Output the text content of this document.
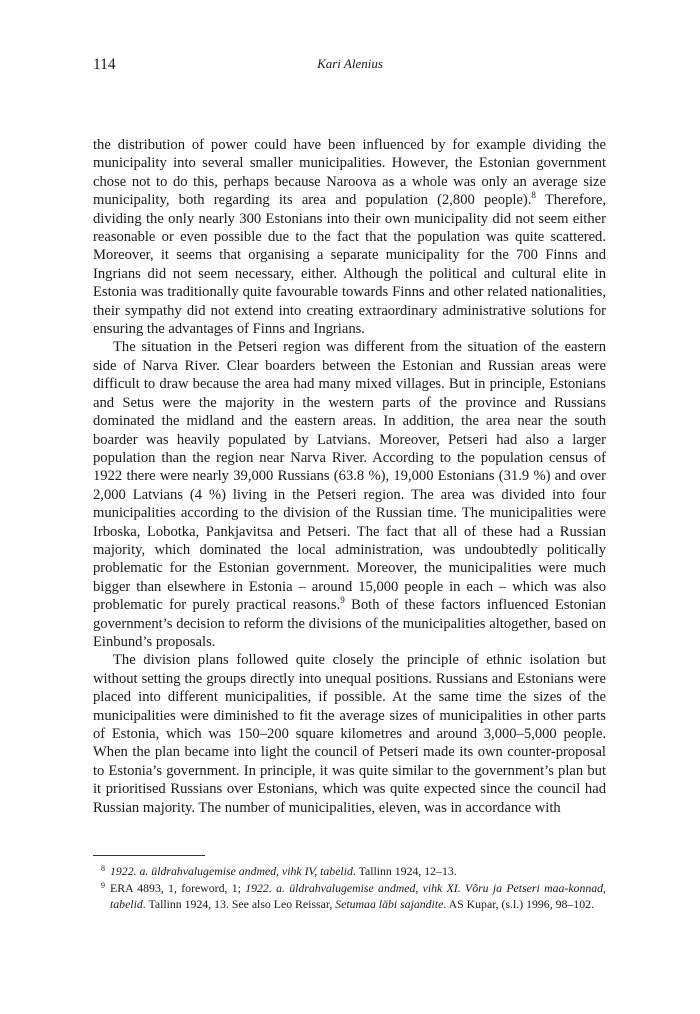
114	Kari Alenius

the distribution of power could have been influenced by for example dividing the municipality into several smaller municipalities. However, the Estonian government chose not to do this, perhaps because Naroova as a whole was only an average size municipality, both regarding its area and population (2,800 people).$^8$ Therefore, dividing the only nearly 300 Estonians into their own municipality did not seem either reasonable or even possible due to the fact that the population was quite scattered. Moreover, it seems that organising a separate municipality for the 700 Finns and Ingrians did not seem necessary, either. Although the political and cultural elite in Estonia was traditionally quite favourable towards Finns and other related nationalities, their sympathy did not extend into creating extraordinary administrative solutions for ensuring the advantages of Finns and Ingrians.

The situation in the Petseri region was different from the situation of the eastern side of Narva River. Clear boarders between the Estonian and Russian areas were difficult to draw because the area had many mixed villages. But in principle, Estonians and Setus were the majority in the western parts of the province and Russians dominated the midland and the eastern areas. In addition, the area near the south boarder was heavily populated by Latvians. Moreover, Petseri had also a larger population than the region near Narva River. According to the population census of 1922 there were nearly 39,000 Russians (63.8 %), 19,000 Estonians (31.9 %) and over 2,000 Latvians (4 %) living in the Petseri region. The area was divided into four municipalities according to the division of the Russian time. The municipalities were Irboska, Lobotka, Pankjavitsa and Petseri. The fact that all of these had a Russian majority, which dominated the local administration, was undoubtedly politically problematic for the Estonian government. Moreover, the municipalities were much bigger than elsewhere in Estonia – around 15,000 people in each – which was also problematic for purely practical reasons.$^9$ Both of these factors influenced Estonian government’s decision to reform the divisions of the municipalities altogether, based on Einbund’s proposals.

The division plans followed quite closely the principle of ethnic isolation but without setting the groups directly into unequal positions. Russians and Estonians were placed into different municipalities, if possible. At the same time the sizes of the municipalities were diminished to fit the average sizes of municipalities in other parts of Estonia, which was 150–200 square kilometres and around 3,000–5,000 people. When the plan became into light the council of Petseri made its own counter-proposal to Estonia’s government. In principle, it was quite similar to the government’s plan but it prioritised Russians over Estonians, which was quite expected since the council had Russian majority. The number of municipalities, eleven, was in accordance with

8 1922. a. üldrahvalugemise andmed, vihk IV, tabelid. Tallinn 1924, 12–13.
9 ERA 4893, 1, foreword, 1; 1922. a. üldrahvalugemise andmed, vihk XI. Võru ja Petseri maa-konnad, tabelid. Tallinn 1924, 13. See also Leo Reissar, Setumaa läbi sajandite. AS Kupar, (s.l.) 1996, 98–102.
